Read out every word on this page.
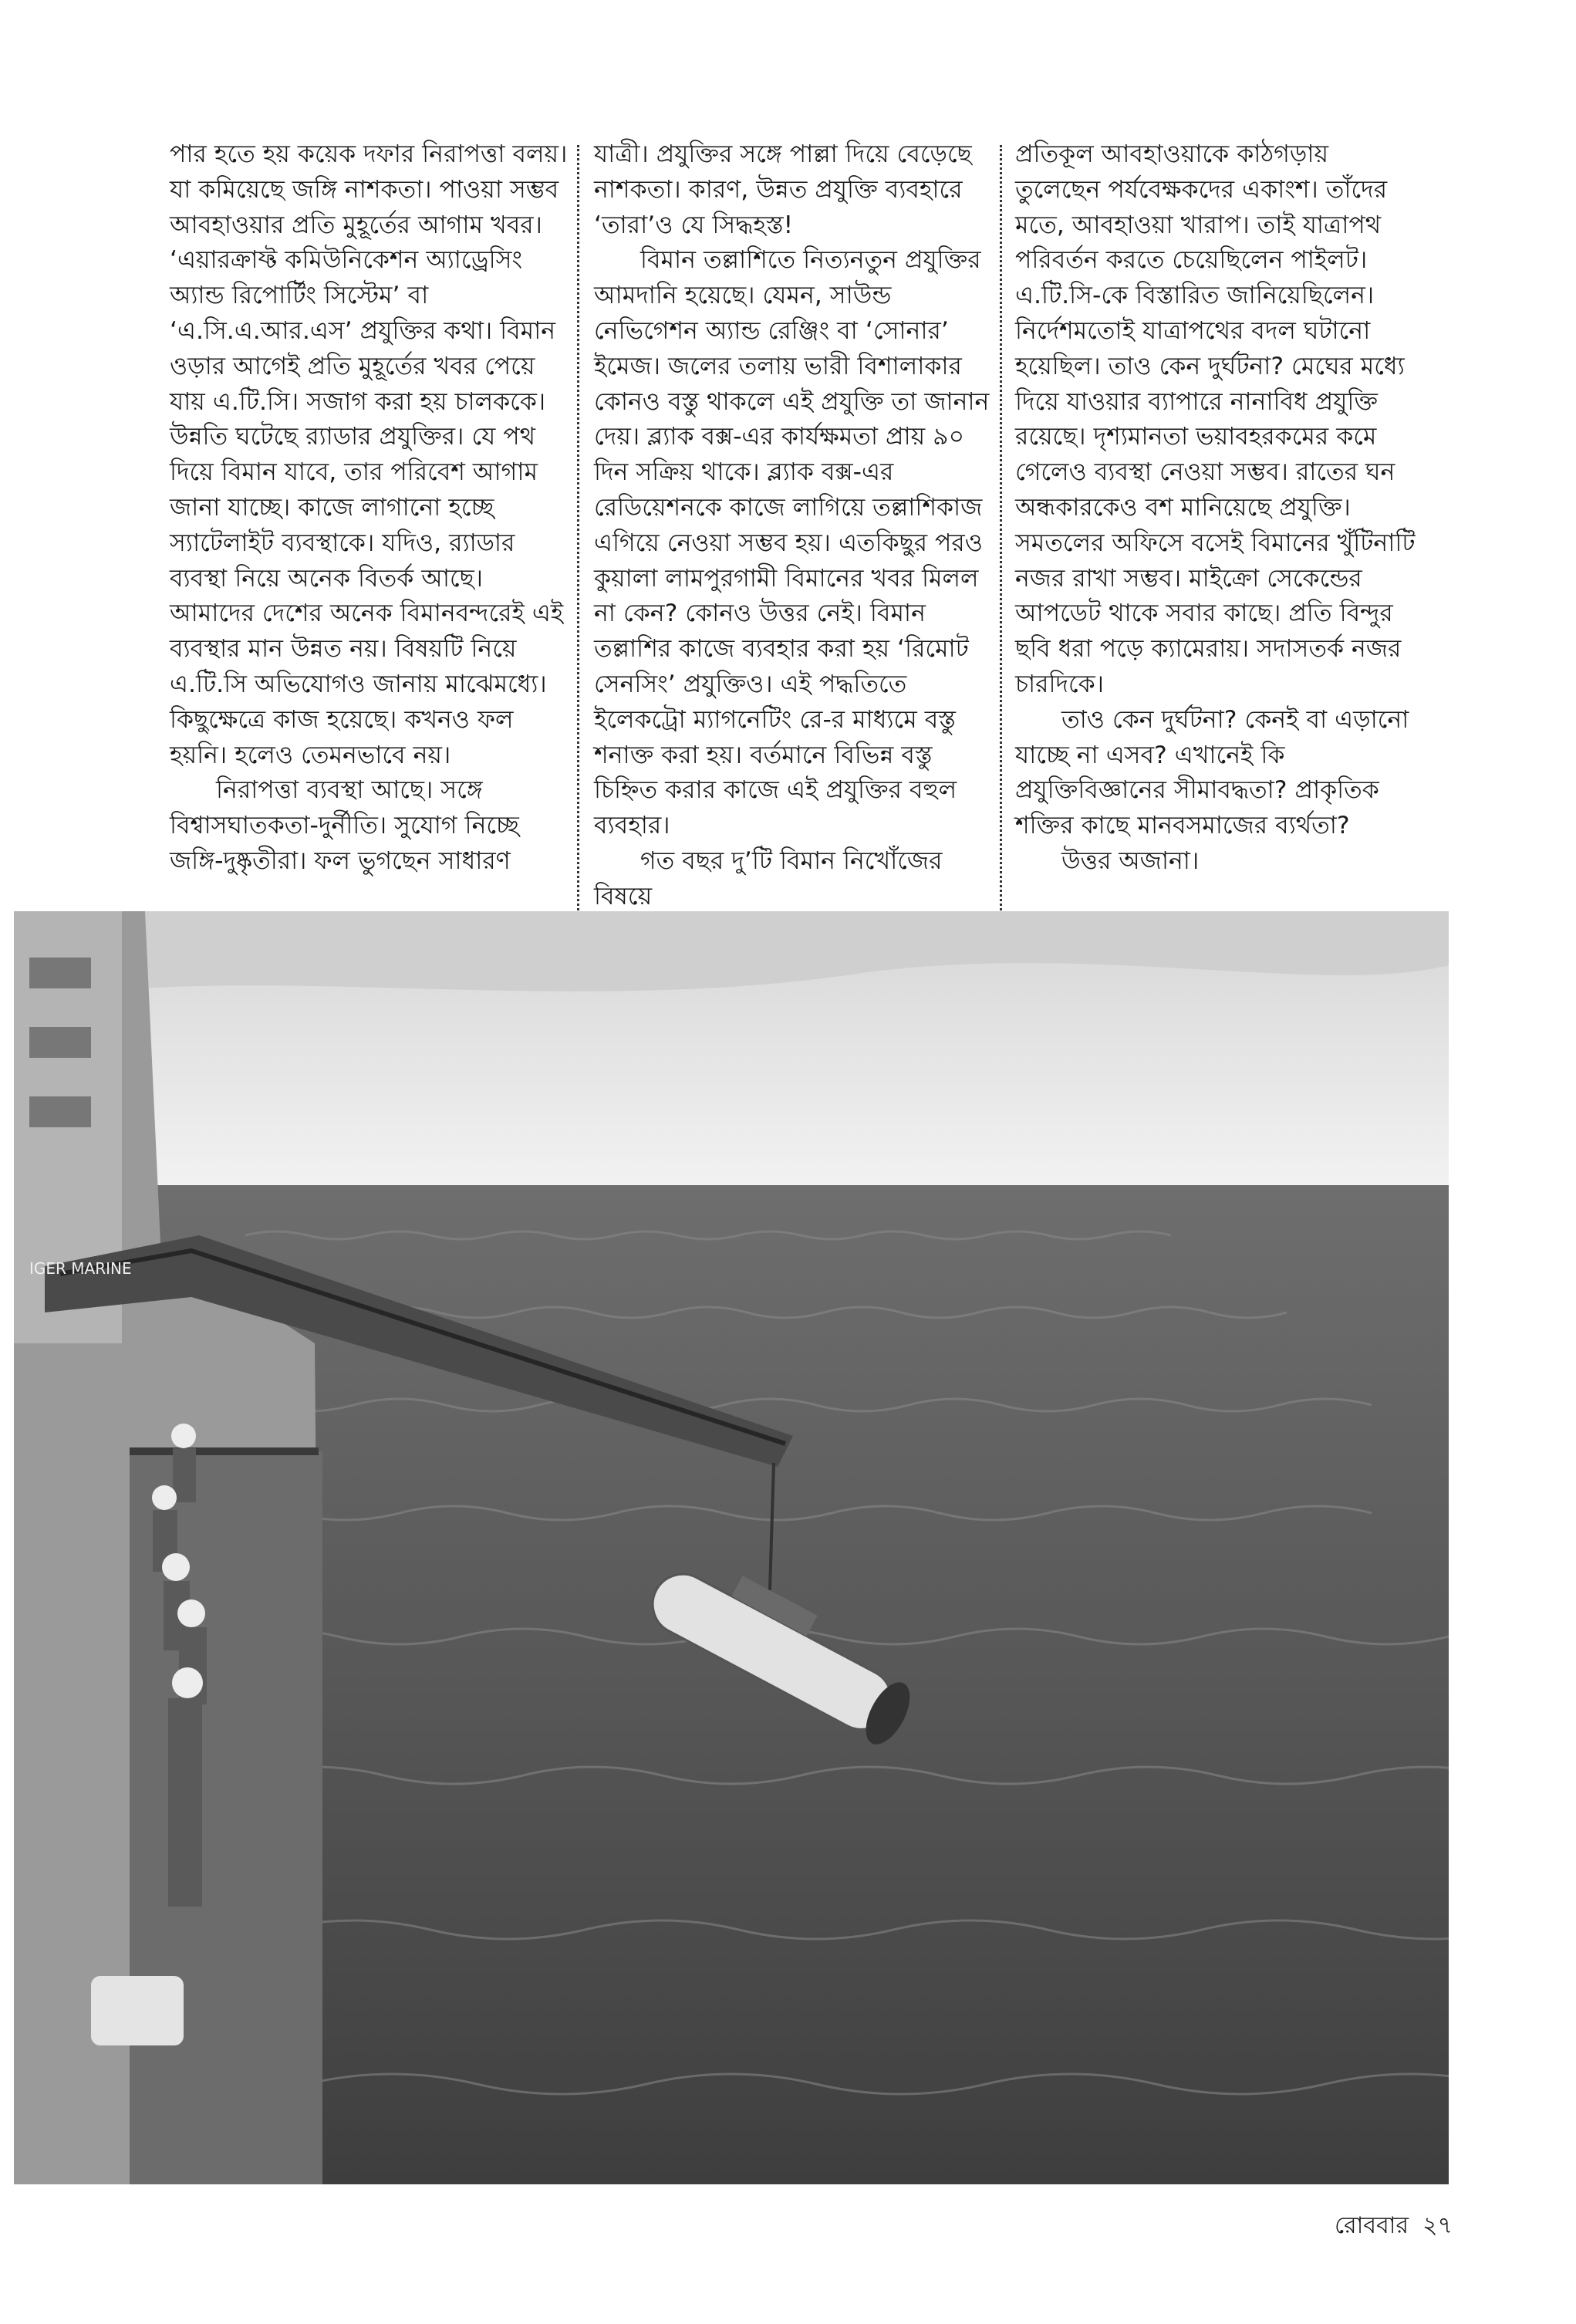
পার হতে হয় কয়েক দফার নিরাপত্তা বলয়। যা কমিয়েছে জঙ্গি নাশকতা। পাওয়া সম্ভব আবহাওয়ার প্রতি মুহূর্তের আগাম খবর। ‘এয়ারক্রাফ্ট কমিউনিকেশন অ্যাড্রেসিং অ্যান্ড রিপোর্টিং সিস্টেম’ বা ‘এ.সি.এ.আর.এস’ প্রযুক্তির কথা। বিমান ওড়ার আগেই প্রতি মুহূর্তের খবর পেয়ে যায় এ.টি.সি। সজাগ করা হয় চালককে। উন্নতি ঘটেছে র‍্যাডার প্রযুক্তির। যে পথ দিয়ে বিমান যাবে, তার পরিবেশ আগাম জানা যাচ্ছে। কাজে লাগানো হচ্ছে স্যাটেলাইট ব্যবস্থাকে। যদিও, র‍্যাডার ব্যবস্থা নিয়ে অনেক বিতর্ক আছে। আমাদের দেশের অনেক বিমানবন্দরেই এই ব্যবস্থার মান উন্নত নয়। বিষয়টি নিয়ে এ.টি.সি অভিযোগও জানায় মাঝেমধ্যে। কিছুক্ষেত্রে কাজ হয়েছে। কখনও ফল হয়নি। হলেও তেমনভাবে নয়।

নিরাপত্তা ব্যবস্থা আছে। সঙ্গে বিশ্বাসঘাতকতা-দুর্নীতি। সুযোগ নিচ্ছে জঙ্গি-দুষ্কৃতীরা। ফল ভুগছেন সাধারণ

যাত্রী। প্রযুক্তির সঙ্গে পাল্লা দিয়ে বেড়েছে নাশকতা। কারণ, উন্নত প্রযুক্তি ব্যবহারে ‘তারা’ও যে সিদ্ধহস্ত!

বিমান তল্লাশিতে নিত্যনতুন প্রযুক্তির আমদানি হয়েছে। যেমন, সাউন্ড নেভিগেশন অ্যান্ড রেঞ্জিং বা ‘সোনার’ ইমেজ। জলের তলায় ভারী বিশালাকার কোনও বস্তু থাকলে এই প্রযুক্তি তা জানান দেয়। ব্ল্যাক বক্স-এর কার্যক্ষমতা প্রায় ৯০ দিন সক্রিয় থাকে। ব্ল্যাক বক্স-এর রেডিয়েশনকে কাজে লাগিয়ে তল্লাশিকাজ এগিয়ে নেওয়া সম্ভব হয়। এতকিছুর পরও কুয়ালা লামপুরগামী বিমানের খবর মিলল না কেন? কোনও উত্তর নেই। বিমান তল্লাশির কাজে ব্যবহার করা হয় ‘রিমোট সেনসিং’ প্রযুক্তিও। এই পদ্ধতিতে ইলেকট্রো ম্যাগনেটিং রে-র মাধ্যমে বস্তু শনাক্ত করা হয়। বর্তমানে বিভিন্ন বস্তু চিহ্নিত করার কাজে এই প্রযুক্তির বহুল ব্যবহার।

গত বছর দু’টি বিমান নিখোঁজের বিষয়ে

প্রতিকূল আবহাওয়াকে কাঠগড়ায় তুলেছেন পর্যবেক্ষকদের একাংশ। তাঁদের মতে, আবহাওয়া খারাপ। তাই যাত্রাপথ পরিবর্তন করতে চেয়েছিলেন পাইলট। এ.টি.সি-কে বিস্তারিত জানিয়েছিলেন। নির্দেশমতোই যাত্রাপথের বদল ঘটানো হয়েছিল। তাও কেন দুর্ঘটনা? মেঘের মধ্যে দিয়ে যাওয়ার ব্যাপারে নানাবিধ প্রযুক্তি রয়েছে। দৃশ্যমানতা ভয়াবহরকমের কমে গেলেও ব্যবস্থা নেওয়া সম্ভব। রাতের ঘন অন্ধকারকেও বশ মানিয়েছে প্রযুক্তি। সমতলের অফিসে বসেই বিমানের খুঁটিনাটি নজর রাখা সম্ভব। মাইক্রো সেকেন্ডের আপডেট থাকে সবার কাছে। প্রতি বিন্দুর ছবি ধরা পড়ে ক্যামেরায়। সদাসতর্ক নজর চারদিকে।

তাও কেন দুর্ঘটনা? কেনই বা এড়ানো যাচ্ছে না এসব? এখানেই কি প্রযুক্তিবিজ্ঞানের সীমাবদ্ধতা? প্রাকৃতিক শক্তির কাছে মানবসমাজের ব্যর্থতা?

উত্তর অজানা।

IGER MARINE
রোববার ২৭
